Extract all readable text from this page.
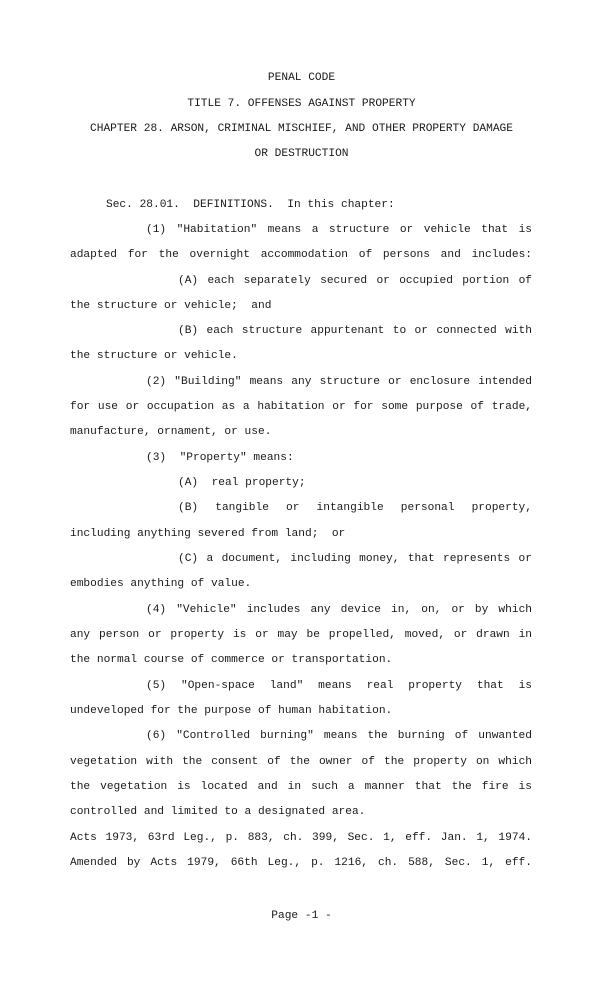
PENAL CODE
TITLE 7. OFFENSES AGAINST PROPERTY
CHAPTER 28. ARSON, CRIMINAL MISCHIEF, AND OTHER PROPERTY DAMAGE
OR DESTRUCTION
Sec. 28.01.  DEFINITIONS.  In this chapter:
(1) "Habitation" means a structure or vehicle that is
adapted for the overnight accommodation of persons and includes:
(A) each separately secured or occupied portion of
the structure or vehicle;  and
(B) each structure appurtenant to or connected with
the structure or vehicle.
(2) "Building" means any structure or enclosure intended
for use or occupation as a habitation or for some purpose of trade,
manufacture, ornament, or use.
(3)  "Property" means:
(A)  real property;
(B) tangible or intangible personal property,
including anything severed from land;  or
(C) a document, including money, that represents or
embodies anything of value.
(4) "Vehicle" includes any device in, on, or by which
any person or property is or may be propelled, moved, or drawn in
the normal course of commerce or transportation.
(5) "Open-space land" means real property that is
undeveloped for the purpose of human habitation.
(6) "Controlled burning" means the burning of unwanted
vegetation with the consent of the owner of the property on which
the vegetation is located and in such a manner that the fire is
controlled and limited to a designated area.
Acts 1973, 63rd Leg., p. 883, ch. 399, Sec. 1, eff. Jan. 1, 1974.
Amended by Acts 1979, 66th Leg., p. 1216, ch. 588, Sec. 1, eff.
Page -1 -
